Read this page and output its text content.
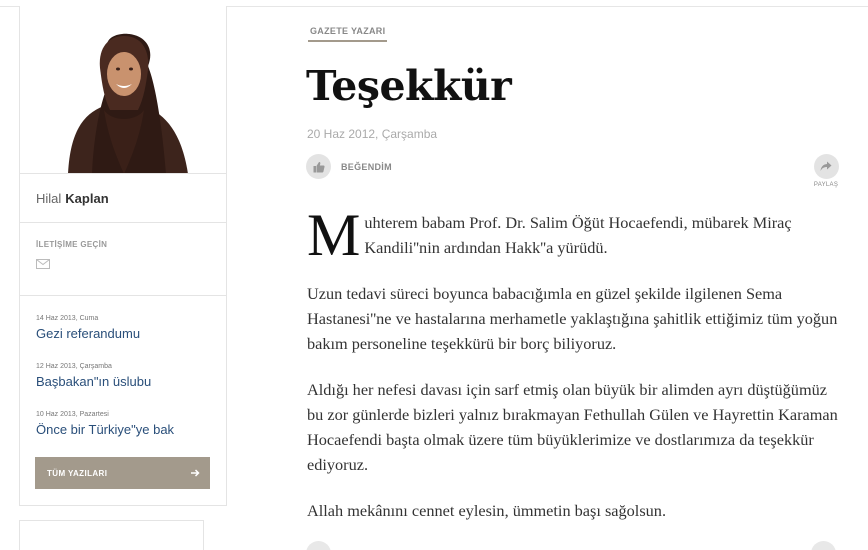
Hilal Kaplan
İLETİŞİME GEÇİN
14 Haz 2013, Cuma
Gezi referandumu
12 Haz 2013, Çarşamba
Başbakan"ın üslubu
10 Haz 2013, Pazartesi
Önce bir Türkiye"ye bak
TÜM YAZILARI
GAZETE YAZARI
Teşekkür
20 Haz 2012, Çarşamba
BEĞENDİM
PAYLAŞ

Muhterem babam Prof. Dr. Salim Öğüt Hocaefendi, mübarek Miraç Kandili''nin ardından Hakk''a yürüdü.

Uzun tedavi süreci boyunca babacığımla en güzel şekilde ilgilenen Sema Hastanesi''ne ve hastalarına merhametle yaklaştığına şahitlik ettiğimiz tüm yoğun bakım personeline teşekkürü bir borç biliyoruz.

Aldığı her nefesi davası için sarf etmiş olan büyük bir alimden ayrı düştüğümüz bu zor günlerde bizleri yalnız bırakmayan Fethullah Gülen ve Hayrettin Karaman Hocaefendi başta olmak üzere tüm büyüklerimize ve dostlarımıza da teşekkür ediyoruz.

Allah mekânını cennet eylesin, ümmetin başı sağolsun.
